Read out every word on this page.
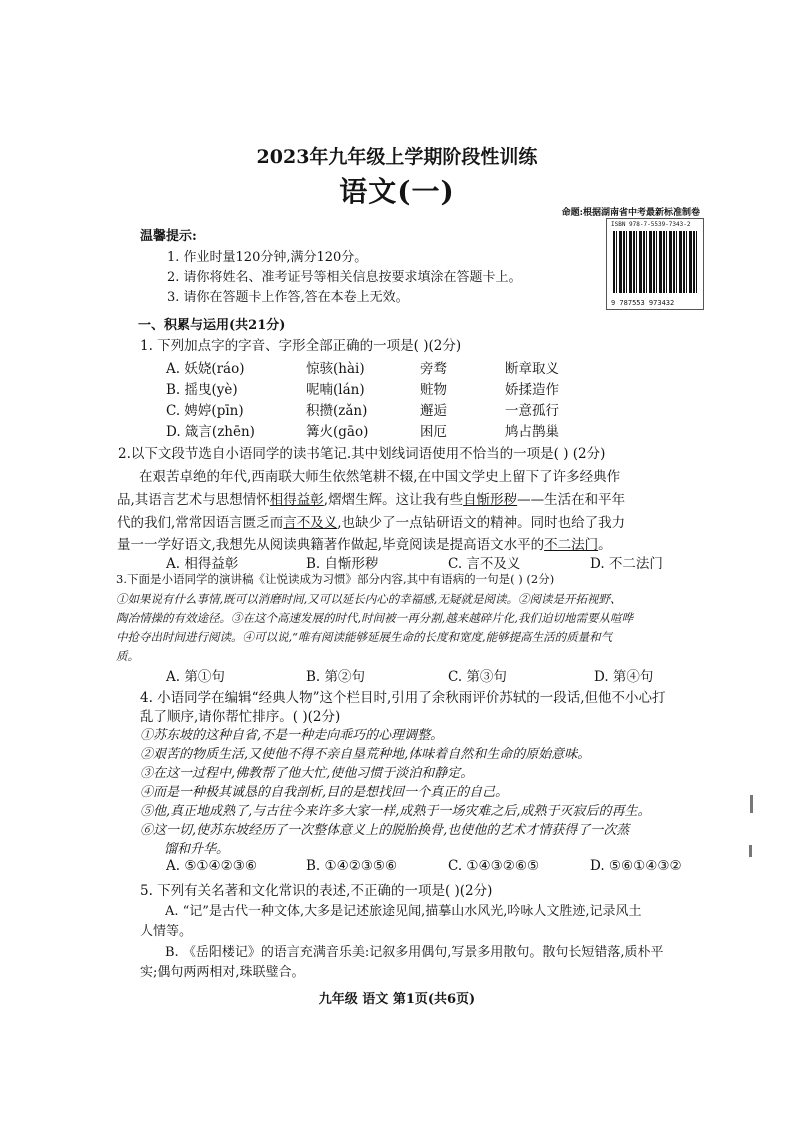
2023年九年级上学期阶段性训练
语文(一)
命题:根据湖南省中考最新标准制卷
ISBN 978-7-5539-7343-2
9 787553 973432
温馨提示:
1. 作业时量120分钟,满分120分。
2. 请你将姓名、准考证号等相关信息按要求填涂在答题卡上。
3. 请你在答题卡上作答,答在本卷上无效。
一、积累与运用(共21分)
1. 下列加点字的字音、字形全部正确的一项是( )(2分)
A. 妖娆(ráo)	惊骇(hài)	旁骛	断章取义
B. 摇曳(yè)	呢喃(lán)	赃物	娇揉造作
C. 娉婷(pīn)	积攒(zǎn)	邂逅	一意孤行
D. 箴言(zhēn)	篝火(gāo)	困厄	鸠占鹊巢
2.以下文段节选自小语同学的读书笔记.其中划线词语使用不恰当的一项是( ) (2分)
在艰苦卓绝的年代,西南联大师生依然笔耕不辍,在中国文学史上留下了许多经典作
品,其语言艺术与思想情怀相得益彰,熠熠生辉。这让我有些自惭形秽——生活在和平年
代的我们,常常因语言匮乏而言不及义,也缺少了一点钻研语文的精神。同时也给了我力
量一一学好语文,我想先从阅读典籍著作做起,毕竟阅读是提高语文水平的不二法门。
A. 相得益彰	B. 自惭形秽	C. 言不及义	D. 不二法门
3.下面是小语同学的演讲稿《让悦读成为习惯》部分内容,其中有语病的一句是( ) (2分)
①如果说有什么事情,既可以消磨时间,又可以延长内心的幸福感,无疑就是阅读。②阅读是开拓视野、
陶冶情操的有效途径。③在这个高速发展的时代,时间被一再分割,越来越碎片化,我们迫切地需要从喧哗
中抢夺出时间进行阅读。④可以说,“唯有阅读能够延展生命的长度和宽度,能够提高生活的质量和气
质。
A. 第①句	B. 第②句	C. 第③句	D. 第④句
4. 小语同学在编辑“经典人物”这个栏目时,引用了余秋雨评价苏轼的一段话,但他不小心打
乱了顺序,请你帮忙排序。( )(2分)
①苏东坡的这种自省,不是一种走向乖巧的心理调整。
②艰苦的物质生活,又使他不得不亲自垦荒种地,体味着自然和生命的原始意味。
③在这一过程中,佛教帮了他大忙,使他习惯于淡泊和静定。
④而是一种极其诚恳的自我剖析,目的是想找回一个真正的自己。
⑤他,真正地成熟了,与古往今来许多大家一样,成熟于一场灾难之后,成熟于灭寂后的再生。
⑥这一切,使苏东坡经历了一次整体意义上的脱胎换骨,也使他的艺术才情获得了一次蒸
馏和升华。
A. ⑤①④②③⑥	B. ①④②③⑤⑥	C. ①④③②⑥⑤	D. ⑤⑥①④③②
5. 下列有关名著和文化常识的表述,不正确的一项是( )(2分)
A. “记”是古代一种文体,大多是记述旅途见闻,描摹山水风光,吟咏人文胜迹,记录风土
人情等。
B. 《岳阳楼记》的语言充满音乐美:记叙多用偶句,写景多用散句。散句长短错落,质朴平
实;偶句两两相对,珠联璧合。
九年级 语文 第1页(共6页)
